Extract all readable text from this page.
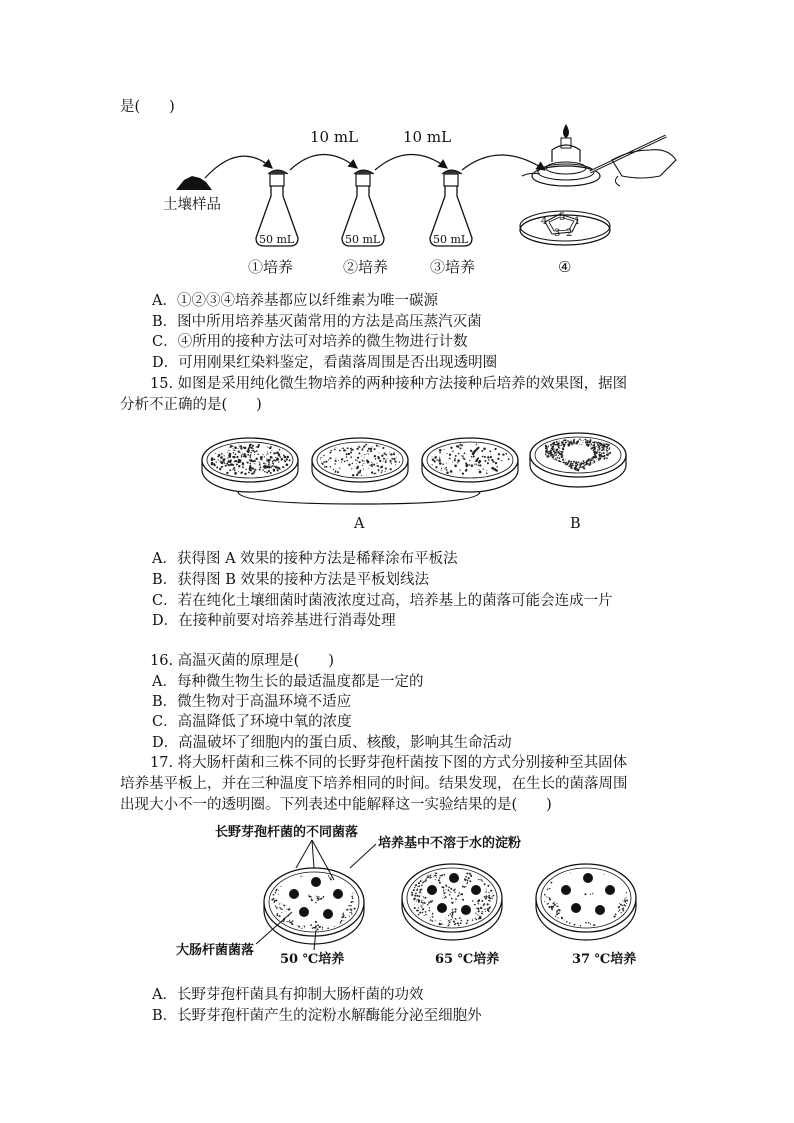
是(　　)
10 mL	10 mL
土壤样品
50 mL	50 mL	50 mL
①培养	②培养	③培养	④
4 5 1
3 2
A．①②③④培养基都应以纤维素为唯一碳源
B．图中所用培养基灭菌常用的方法是高压蒸汽灭菌
C．④所用的接种方法可对培养的微生物进行计数
D．可用刚果红染料鉴定，看菌落周围是否出现透明圈
15. 如图是采用纯化微生物培养的两种接种方法接种后培养的效果图，据图
分析不正确的是(　　)
A	B
A．获得图 A 效果的接种方法是稀释涂布平板法
B．获得图 B 效果的接种方法是平板划线法
C．若在纯化土壤细菌时菌液浓度过高，培养基上的菌落可能会连成一片
D．在接种前要对培养基进行消毒处理
16. 高温灭菌的原理是(　　)
A．每种微生物生长的最适温度都是一定的
B．微生物对于高温环境不适应
C．高温降低了环境中氧的浓度
D．高温破坏了细胞内的蛋白质、核酸，影响其生命活动
17. 将大肠杆菌和三株不同的长野芽孢杆菌按下图的方式分别接种至其固体
培养基平板上，并在三种温度下培养相同的时间。结果发现，在生长的菌落周围
出现大小不一的透明圈。下列表述中能解释这一实验结果的是(　　)
长野芽孢杆菌的不同菌落
培养基中不溶于水的淀粉
大肠杆菌菌落
50 ℃培养	65 ℃培养	37 ℃培养
A．长野芽孢杆菌具有抑制大肠杆菌的功效
B．长野芽孢杆菌产生的淀粉水解酶能分泌至细胞外
